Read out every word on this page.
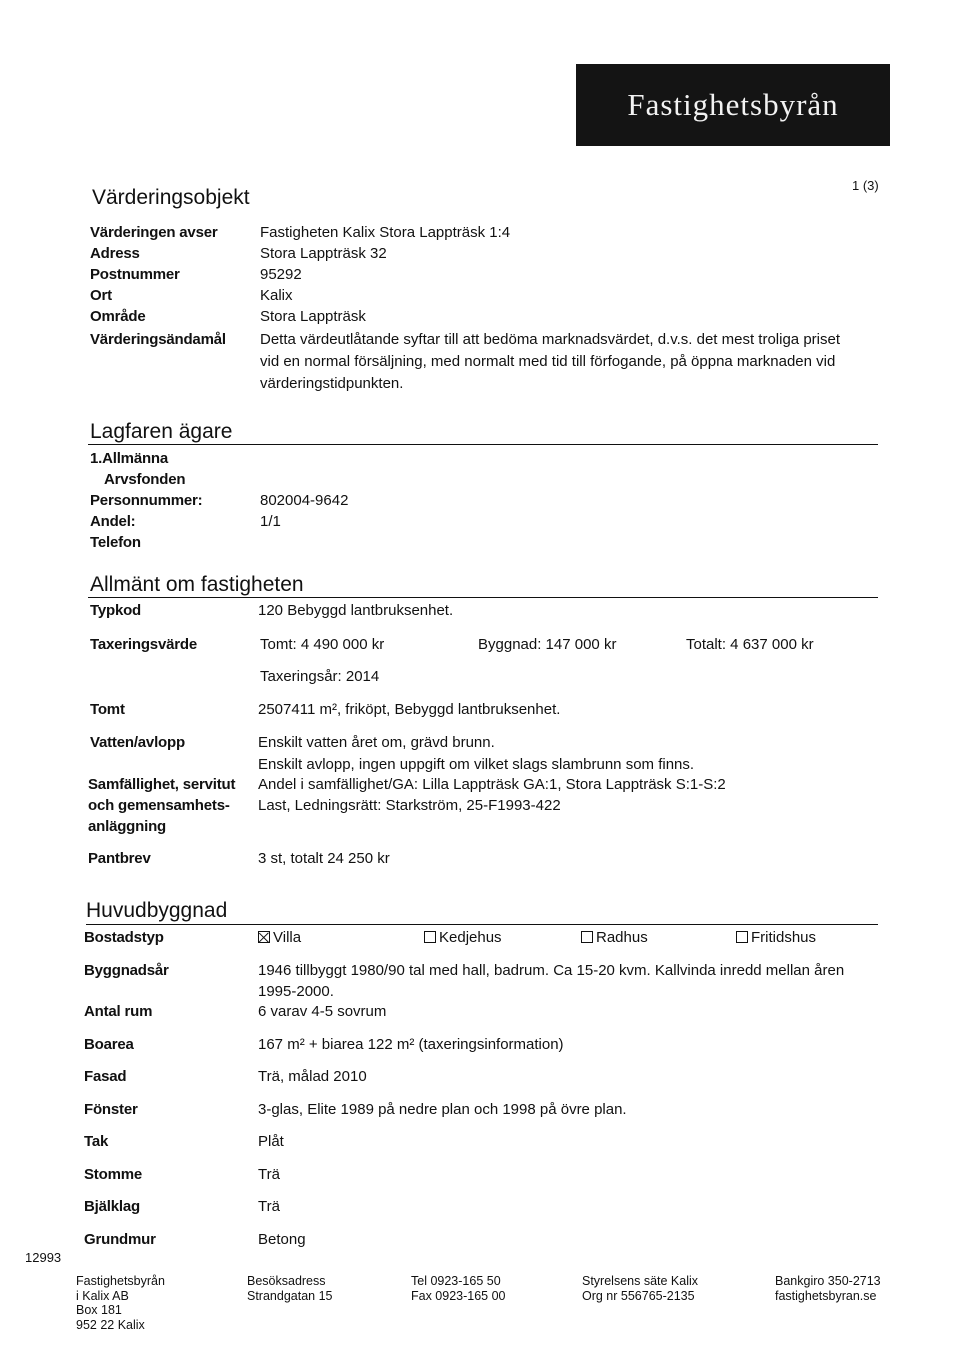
Fastighetsbyrån
1 (3)
Värderingsobjekt
Värderingen avser	Fastigheten Kalix Stora Lappträsk 1:4
Adress	Stora Lappträsk 32
Postnummer	95292
Ort	Kalix
Område	Stora Lappträsk
Värderingsändamål Detta värdeutlåtande syftar till att bedöma marknadsvärdet, d.v.s. det mest troliga priset
vid en normal försäljning, med normalt med tid till förfogande, på öppna marknaden vid
värderingstidpunkten.
Lagfaren ägare
1.Allmänna
Arvsfonden
Personnummer:	802004-9642
Andel:	1/1
Telefon
Allmänt om fastigheten
Typkod	120 Bebyggd lantbruksenhet.
Taxeringsvärde	Tomt: 4 490 000 kr	Byggnad: 147 000 kr	Totalt: 4 637 000 kr
Taxeringsår: 2014
Tomt	2507411 m², friköpt, Bebyggd lantbruksenhet.
Vatten/avlopp	Enskilt vatten året om, grävd brunn.
Enskilt avlopp, ingen uppgift om vilket slags slambrunn som finns.
Samfällighet, servitut
och gemensamhets-
anläggning
Andel i samfällighet/GA: Lilla Lappträsk GA:1, Stora Lappträsk S:1-S:2
Last, Ledningsrätt: Starkström, 25-F1993-422
Pantbrev	3 st, totalt 24 250 kr
Huvudbyggnad
Bostadstyp	Villa	Kedjehus	Radhus	Fritidshus
Byggnadsår	1946 tillbyggt 1980/90 tal med hall, badrum. Ca 15-20 kvm. Kallvinda inredd mellan åren
1995-2000.
Antal rum	6 varav 4-5 sovrum
Boarea	167 m² + biarea 122 m² (taxeringsinformation)
Fasad	Trä, målad 2010
Fönster	3-glas, Elite 1989 på nedre plan och 1998 på övre plan.
Tak	Plåt
Stomme	Trä
Bjälklag	Trä
Grundmur	Betong
12993
Fastighetsbyrån
i Kalix AB
Box 181
952 22 Kalix
Besöksadress
Strandgatan 15
Tel 0923-165 50
Fax 0923-165 00
Styrelsens säte Kalix
Org nr 556765-2135
Bankgiro 350-2713
fastighetsbyran.se
